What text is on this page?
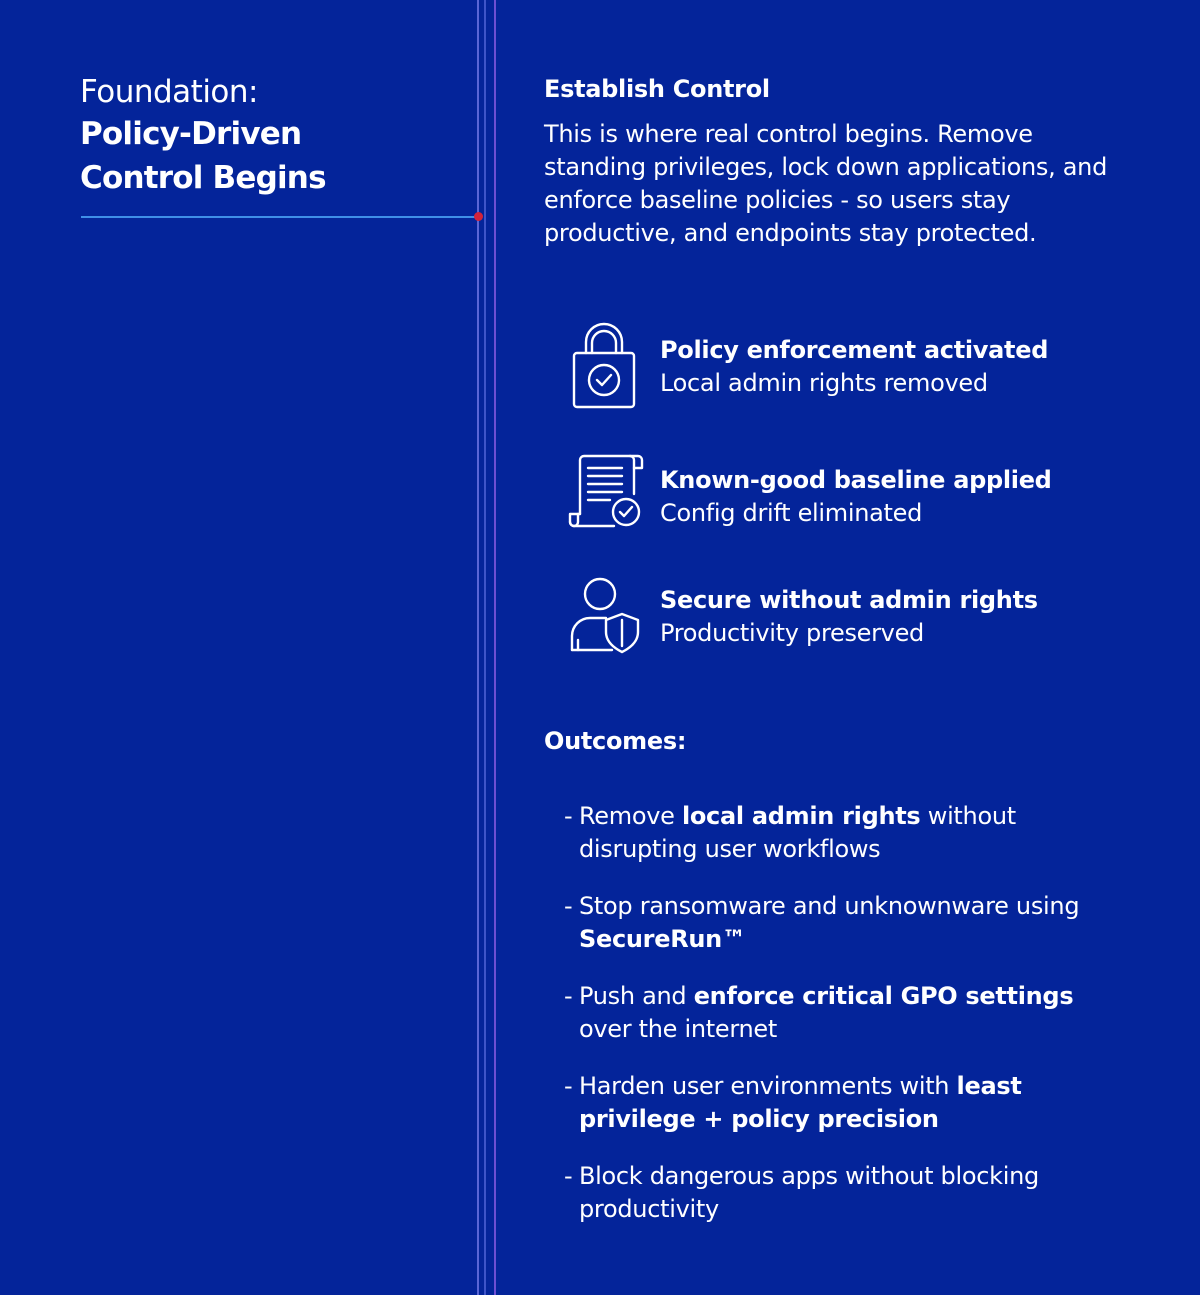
Foundation:
Policy-Driven
Control Begins
Establish Control

This is where real control begins. Remove standing privileges, lock down applications, and enforce baseline policies - so users stay productive, and endpoints stay protected.

Policy enforcement activated
Local admin rights removed
Known-good baseline applied
Config drift eliminated
Secure without admin rights
Productivity preserved
Outcomes:
- Remove local admin rights without disrupting user workflows
- Stop ransomware and unknownware using SecureRun™
- Push and enforce critical GPO settings over the internet
- Harden user environments with least privilege + policy precision
- Block dangerous apps without blocking productivity
